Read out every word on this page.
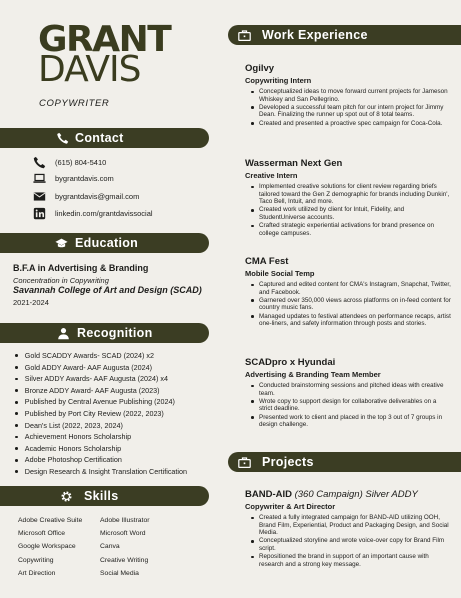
GRANT
DAVIS
COPYWRITER
Contact
(615) 804-5410
bygrantdavis.com
bygrantdavis@gmail.com
linkedin.com/grantdavissocial
Education
B.F.A in Advertising & Branding
Concentration in Copywriting
Savannah College of Art and Design (SCAD)
2021-2024
Recognition
Gold SCADDY Awards- SCAD (2024) x2
Gold ADDY Award- AAF Augusta (2024)
Silver ADDY Awards- AAF Augusta (2024) x4
Bronze ADDY Award- AAF Augusta (2023)
Published by Central Avenue Publishing (2024)
Published by Port City Review (2022, 2023)
Dean's List (2022, 2023, 2024)
Achievement Honors Scholarship
Academic Honors Scholarship
Adobe Photoshop Certification
Design Research & Insight Translation Certification
Skills
Adobe Creative Suite	Adobe Illustrator
Microsoft Office	Microsoft Word
Google Workspace	Canva
Copywriting	Creative Writing
Art Direction	Social Media
Work Experience
Ogilvy
Copywriting Intern
Conceptualized ideas to move forward current projects for Jameson Whiskey and San Pellegrino.
Developed a successful team pitch for our intern project for Jimmy Dean. Finalizing the runner up spot out of 8 total teams.
Created and presented a proactive spec campaign for Coca-Cola.
Wasserman Next Gen
Creative Intern
Implemented creative solutions for client review regarding briefs tailored toward the Gen Z demographic for brands including Dunkin', Taco Bell, Intuit, and more.
Created work utilized by client for Intuit, Fidelity, and StudentUniverse accounts.
Crafted strategic experiential activations for brand presence on college campuses.
CMA Fest
Mobile Social Temp
Captured and edited content for CMA's Instagram, Snapchat, Twitter, and Facebook.
Garnered over 350,000 views across platforms on in-feed content for country music fans.
Managed updates to festival attendees on performance recaps, artist one-liners, and safety information through posts and stories.
SCADpro x Hyundai
Advertising & Branding Team Member
Conducted brainstorming sessions and pitched ideas with creative team.
Wrote copy to support design for collaborative deliverables on a strict deadline.
Presented work to client and placed in the top 3 out of 7 groups in design challenge.
Projects
BAND-AID (360 Campaign) Silver ADDY
Copywriter & Art Director
Created a fully integrated campaign for BAND-AID utilizing OOH, Brand Film, Experiential, Product and Packaging Design, and Social Media.
Conceptualized storyline and wrote voice-over copy for Brand Film script.
Repositioned the brand in support of an important cause with research and a strong key message.
